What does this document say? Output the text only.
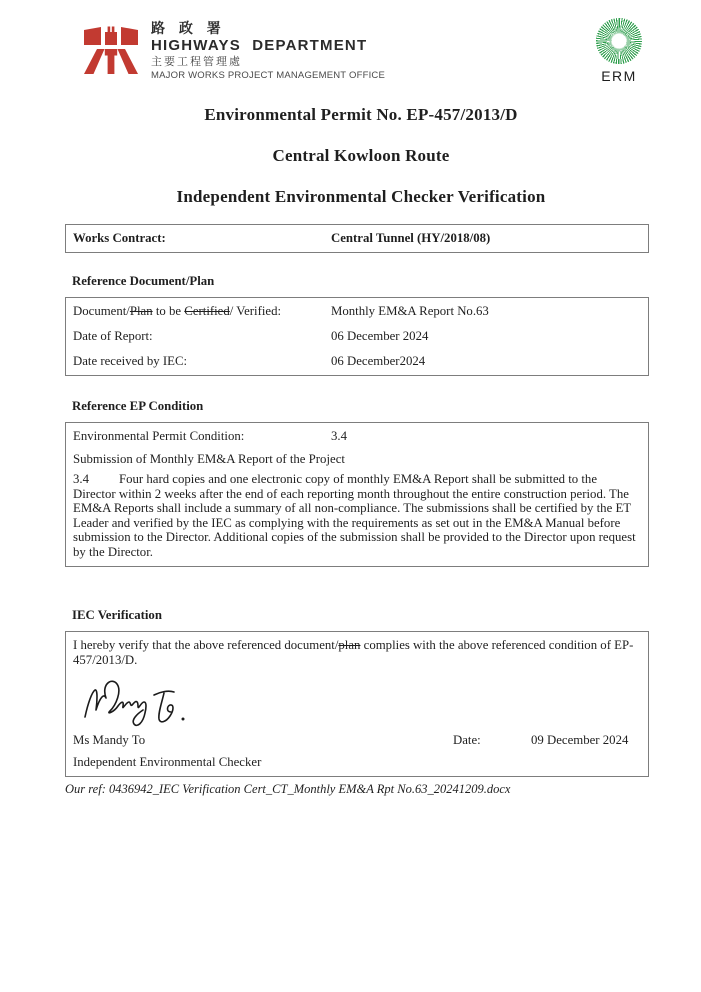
路 政 署
HIGHWAYS DEPARTMENT
主要工程管理處
MAJOR WORKS PROJECT MANAGEMENT OFFICE	ERM
Environmental Permit No. EP-457/2013/D
Central Kowloon Route
Independent Environmental Checker Verification
Works Contract:	Central Tunnel (HY/2018/08)
Reference Document/Plan
Document/Plan to be Certified/ Verified:	Monthly EM&A Report No.63
Date of Report:	06 December 2024
Date received by IEC:	06 December2024
Reference EP Condition
Environmental Permit Condition:	3.4
Submission of Monthly EM&A Report of the Project

3.4 Four hard copies and one electronic copy of monthly EM&A Report shall be submitted to the Director within 2 weeks after the end of each reporting month throughout the entire construction period. The EM&A Reports shall include a summary of all non-compliance. The submissions shall be certified by the ET Leader and verified by the IEC as complying with the requirements as set out in the EM&A Manual before submission to the Director. Additional copies of the submission shall be provided to the Director upon request by the Director.

IEC Verification
I hereby verify that the above referenced document/plan complies with the above referenced condition of EP-457/2013/D.
Ms Mandy To	Date:	09 December 2024
Independent Environmental Checker
Our ref: 0436942_IEC Verification Cert_CT_Monthly EM&A Rpt No.63_20241209.docx
